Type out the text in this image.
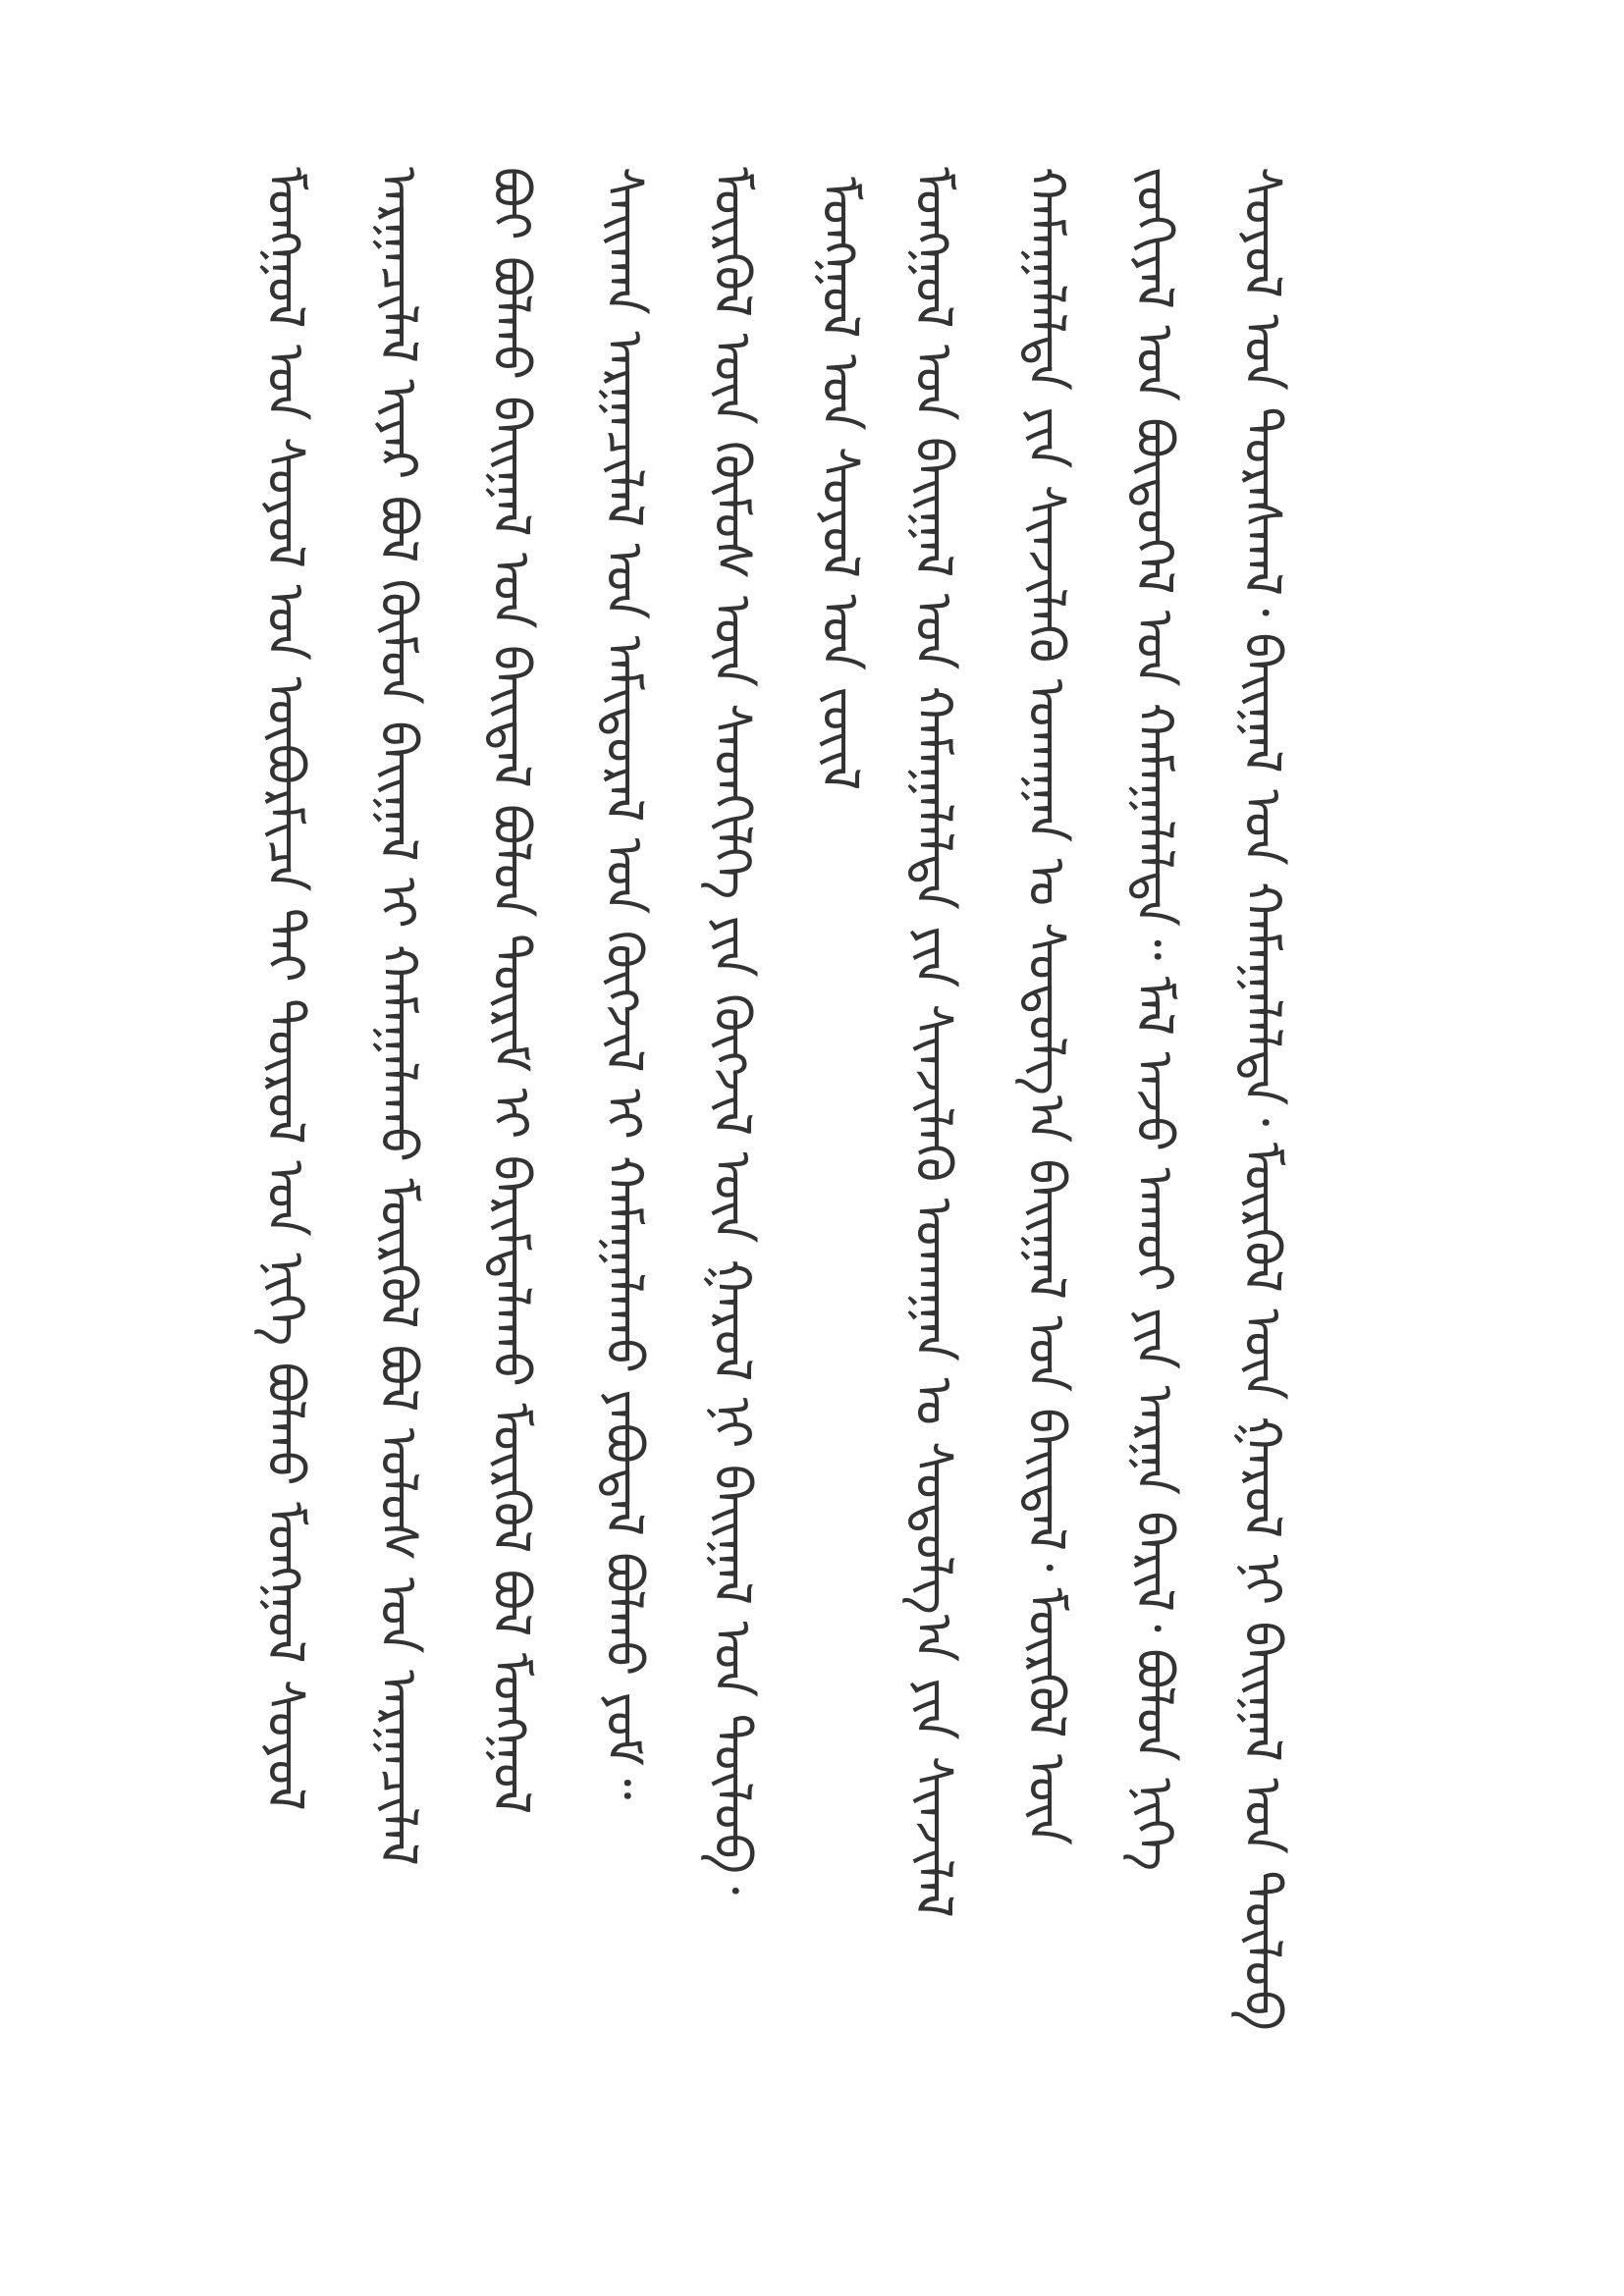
ᠮᠣᠩᠭᠣᠯ ᠤᠨ ᠰᠣᠶᠣᠯ ᠤᠨ ᠥᠪᠥᠷᠮᠢᠴᠡ ᠲᠡᠢ ᠲᠥᠷᠥᠯ ᠤᠨ ᠨᠢᠭᠡ ᠪᠣᠯᠬᠣ ᠮᠣᠩᠭᠣᠯ ᠰᠣᠶᠣᠯ ᠠᠷᠭᠠᠴᠢᠯᠠᠯ ᠢᠶᠠᠷ ᠪᠣᠯ ᠬᠥᠮᠦᠨ ᠪᠠᠢᠭᠠᠯ ᠢ ᠬᠠᠮᠠᠭᠠᠯᠠᠬᠤ ᠮᠥᠷᠭᠥᠯ ᠪᠣᠯ ᠤᠯᠤᠰ ᠤᠨ ᠠᠷᠭᠠᠴᠢᠯᠠᠯ ᠪᠤᠢ ᠪᠤᠯᠬᠤ ᠪᠠᠢᠭᠠᠯ ᠤᠨ ᠪᠠᠢᠳᠠᠯ ᠪᠣᠯᠤᠨ ᠳᠦᠷᠢᠮ ᠢ ᠪᠠᠷᠢᠮᠲᠠᠯᠠᠬᠤ ᠮᠥᠷᠭᠥᠯ ᠪᠣᠯ ᠮᠣᠩᠭᠣᠯ ᠰᠠᠢᠬᠠᠨ ᠠᠷᠭᠠᠴᠢᠯᠠᠯ ᠤᠨ ᠠᠮᠢᠳᠤᠷᠠᠯ ᠤᠨ ᠬᠥᠭᠵᠢᠯ ᠢ ᠬᠠᠮᠠᠭᠠᠯᠠᠬᠤ ᠶᠠᠪᠤᠳᠠᠯ ᠪᠣᠯᠬᠤ ᠶᠤᠮ᠃ ᠮᠥᠷᠭᠥᠯ ᠦᠨ ᠬᠥᠮᠦᠰ ᠦᠨ ᠰᠡᠳᠬᠢᠯᠭᠡ ᠶᠢᠨ ᠬᠥᠭᠵᠢᠯ ᠦᠨ ᠭᠠᠷᠤᠯ ᠨᠢ ᠪᠠᠢᠭᠠᠯ ᠤᠨ ᠲᠥᠯᠥᠪ᠂ ᠮᠣᠩᠭᠣᠯ ᠤᠨ ᠰᠣᠶᠣᠯ ᠤᠨ ᠵᠦᠢᠯ ᠮᠣᠩᠭᠣᠯ ᠤᠨ ᠪᠠᠢᠭᠠᠯ ᠤᠨ ᠬᠠᠮᠠᠭᠠᠯᠠᠯᠲᠠ ᠶᠢᠨ ᠰᠢᠨᠵᠢᠯᠡᠬᠦ ᠤᠬᠠᠭᠠᠨ ᠤ ᠰᠣᠳᠤᠯᠭ᠎ᠠ ᠶᠢᠨ ᠰᠢᠨᠵᠢᠯᠡᠯ ᠬᠠᠮᠠᠭᠠᠯᠠᠯᠲᠠ ᠶᠢᠨ ᠰᠢᠨᠵᠢᠯᠡᠬᠦ ᠤᠬᠠᠭᠠᠨ ᠤ ᠰᠣᠳᠤᠯᠭ᠎ᠠ ᠪᠠᠢᠭᠠᠯ ᠤᠨ ᠪᠠᠢᠳᠠᠯ᠂ ᠮᠥᠷᠭᠥᠯ ᠦᠨ ᠵᠣᠬᠢᠶᠠᠯ ᠤᠨ ᠪᠦᠲᠦᠭᠡᠯ ᠤᠨ ᠬᠠᠮᠠᠭᠠᠯᠠᠯᠲᠠ᠃ ᠮᠠᠯ ᠠᠵᠤ ᠠᠬᠤᠢ ᠶᠢᠨ ᠠᠷᠭᠠ ᠪᠠᠷᠢᠯ᠂ ᠪᠣᠯᠤᠨ ᠨᠢᠭᠡ ᠰᠣᠶᠣᠯ ᠤᠨ ᠳᠤᠷᠠᠰᠬᠠᠯ᠂ ᠪᠠᠢᠭᠠᠯ ᠤᠨ ᠬᠠᠮᠠᠭᠠᠯᠠᠯᠲᠠ᠂ ᠮᠥᠷᠭᠥᠯ ᠦᠨ ᠭᠠᠷᠤᠯ ᠨᠢ ᠪᠠᠢᠭᠠᠯ ᠤᠨ ᠲᠥᠯᠥᠪ
